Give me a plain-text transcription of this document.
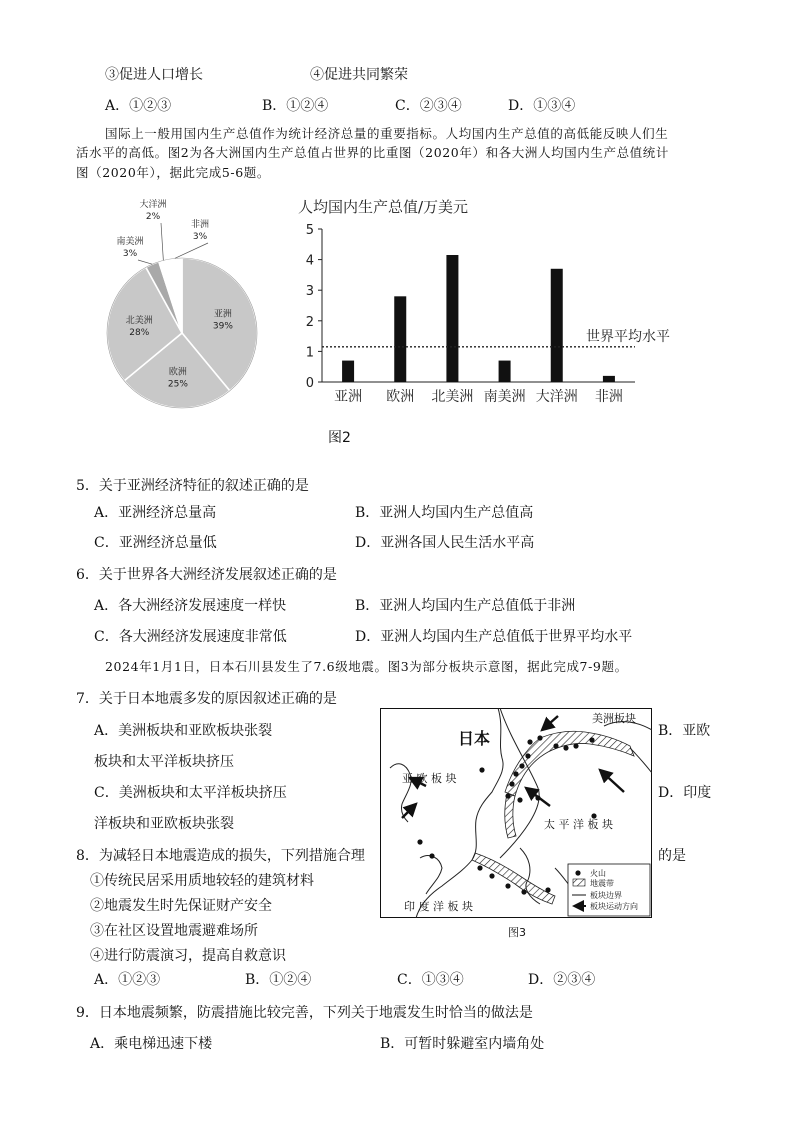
③促进人口增长	④促进共同繁荣
A．①②③	B．①②④	C．②③④	D．①③④
国际上一般用国内生产总值作为统计经济总量的重要指标。人均国内生产总值的高低能反映人们生
活水平的高低。图2为各大洲国内生产总值占世界的比重图（2020年）和各大洲人均国内生产总值统计
图（2020年），据此完成5-6题。
亚洲
39%
欧洲
25%
北美洲
28%
南美洲
3%
大洋洲
2%
非洲
3%
人均国内生产总值/万美元
0
1
2
3
4
5
亚洲 欧洲 北美洲 南美洲 大洋洲 非洲
世界平均水平
图2
5．关于亚洲经济特征的叙述正确的是
A．亚洲经济总量高	B．亚洲人均国内生产总值高
C．亚洲经济总量低	D．亚洲各国人民生活水平高
6．关于世界各大洲经济发展叙述正确的是
A．各大洲经济发展速度一样快	B．亚洲人均国内生产总值低于非洲
C．各大洲经济发展速度非常低	D．亚洲人均国内生产总值低于世界平均水平
2024年1月1日，日本石川县发生了7.6级地震。图3为部分板块示意图，据此完成7-9题。
7．关于日本地震多发的原因叙述正确的是
A．美洲板块和亚欧板块张裂	B．亚欧
板块和太平洋板块挤压
C．美洲板块和太平洋板块挤压	D．印度
洋板块和亚欧板块张裂
8．为减轻日本地震造成的损失，下列措施合理	的是
①传统民居采用质地较轻的建筑材料
②地震发生时先保证财产安全
③在社区设置地震避难场所
④进行防震演习，提高自救意识
A．①②③	B．①②④	C．①③④	D．②③④
日本
亚 欧 板 块
美洲板块
太 平 洋 板 块
印 度 洋 板 块
火山
地震带
板块边界
板块运动方向
图3
9．日本地震频繁，防震措施比较完善，下列关于地震发生时恰当的做法是
A．乘电梯迅速下楼	B．可暂时躲避室内墙角处
